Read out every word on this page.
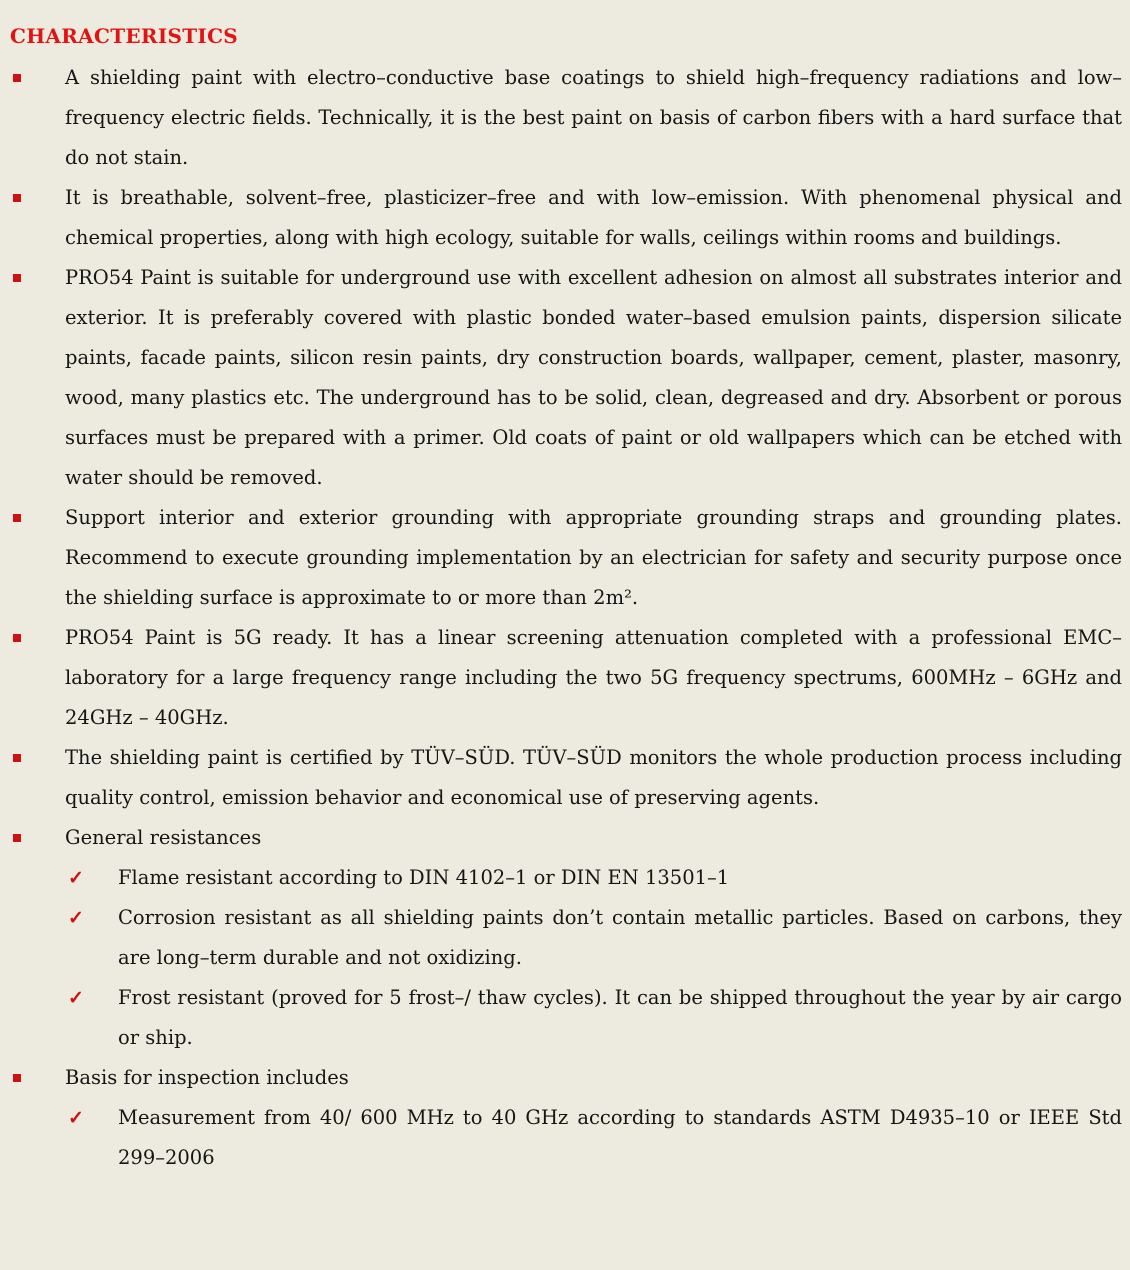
CHARACTERISTICS

A shielding paint with electro–conductive base coatings to shield high–frequency radiations and low–frequency electric fields. Technically, it is the best paint on basis of carbon fibers with a hard surface that do not stain.

It is breathable, solvent–free, plasticizer–free and with low–emission. With phenomenal physical and chemical properties, along with high ecology, suitable for walls, ceilings within rooms and buildings.

PRO54 Paint is suitable for underground use with excellent adhesion on almost all substrates interior and exterior. It is preferably covered with plastic bonded water–based emulsion paints, dispersion silicate paints, facade paints, silicon resin paints, dry construction boards, wallpaper, cement, plaster, masonry, wood, many plastics etc. The underground has to be solid, clean, degreased and dry. Absorbent or porous surfaces must be prepared with a primer. Old coats of paint or old wallpapers which can be etched with water should be removed.

Support interior and exterior grounding with appropriate grounding straps and grounding plates. Recommend to execute grounding implementation by an electrician for safety and security purpose once the shielding surface is approximate to or more than 2m².

PRO54 Paint is 5G ready. It has a linear screening attenuation completed with a professional EMC–laboratory for a large frequency range including the two 5G frequency spectrums, 600MHz – 6GHz and 24GHz – 40GHz.

The shielding paint is certified by TÜV–SÜD. TÜV–SÜD monitors the whole production process including quality control, emission behavior and economical use of preserving agents.

General resistances

✓ Flame resistant according to DIN 4102–1 or DIN EN 13501–1

✓ Corrosion resistant as all shielding paints don’t contain metallic particles. Based on carbons, they are long–term durable and not oxidizing.

✓ Frost resistant (proved for 5 frost–/ thaw cycles). It can be shipped throughout the year by air cargo or ship.

Basis for inspection includes

✓ Measurement from 40/ 600 MHz to 40 GHz according to standards ASTM D4935–10 or IEEE Std 299–2006
